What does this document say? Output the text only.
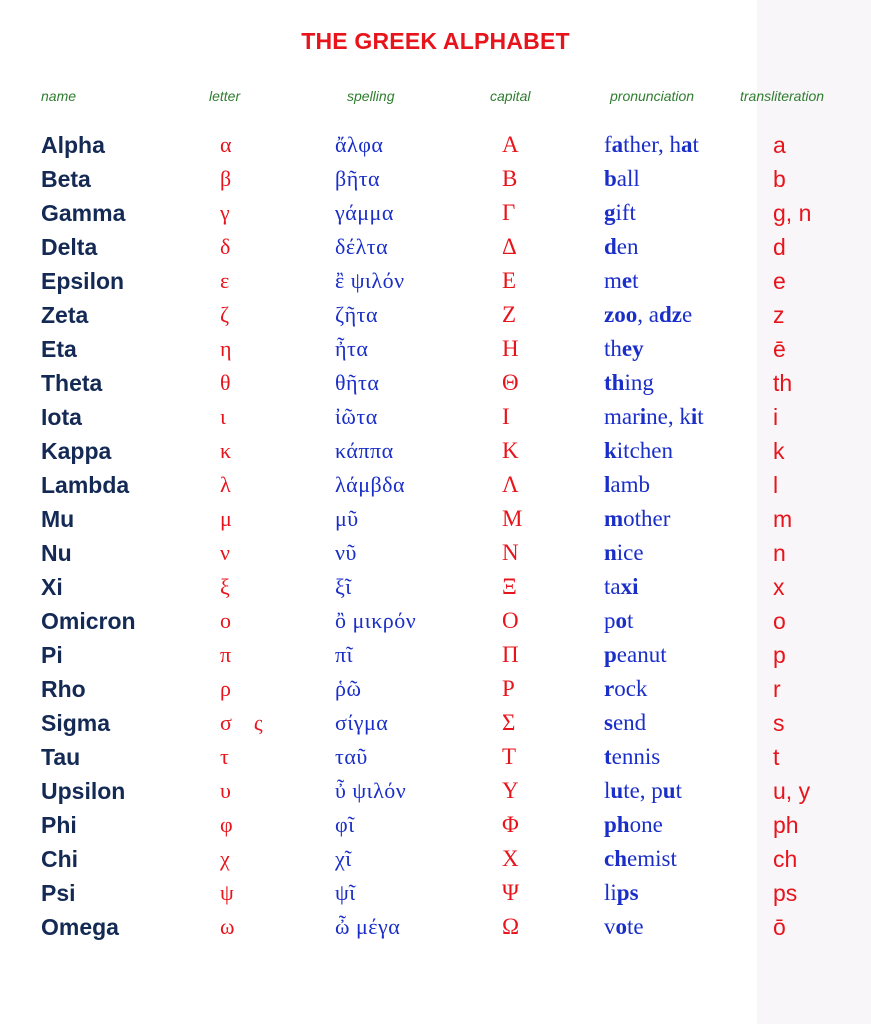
THE GREEK ALPHABET
name	letter	spelling	capital	pronunciation	transliteration
Alpha	α	ἄλφα	Α	father, hat	a
Beta	β	βῆτα	Β	ball	b
Gamma	γ	γάμμα	Γ	gift	g, n
Delta	δ	δέλτα	Δ	den	d
Epsilon	ε	ἒ ψιλόν	Ε	met	e
Zeta	ζ	ζῆτα	Ζ	zoo, adze	z
Eta	η	ἦτα	Η	they	ē
Theta	θ	θῆτα	Θ	thing	th
Iota	ι	ἰῶτα	Ι	marine, kit	i
Kappa	κ	κάππα	Κ	kitchen	k
Lambda	λ	λάμβδα	Λ	lamb	l
Mu	μ	μῦ	Μ	mother	m
Nu	ν	νῦ	Ν	nice	n
Xi	ξ	ξῖ	Ξ	taxi	x
Omicron	ο	ὂ μικρόν	Ο	pot	o
Pi	π	πῖ	Π	peanut	p
Rho	ρ	ῥῶ	Ρ	rock	r
Sigma	σ ς	σίγμα	Σ	send	s
Tau	τ	ταῦ	Τ	tennis	t
Upsilon	υ	ὖ ψιλόν	Υ	lute, put	u, y
Phi	φ	φῖ	Φ	phone	ph
Chi	χ	χῖ	Χ	chemist	ch
Psi	ψ	ψῖ	Ψ	lips	ps
Omega	ω	ὦ μέγα	Ω	vote	ō
